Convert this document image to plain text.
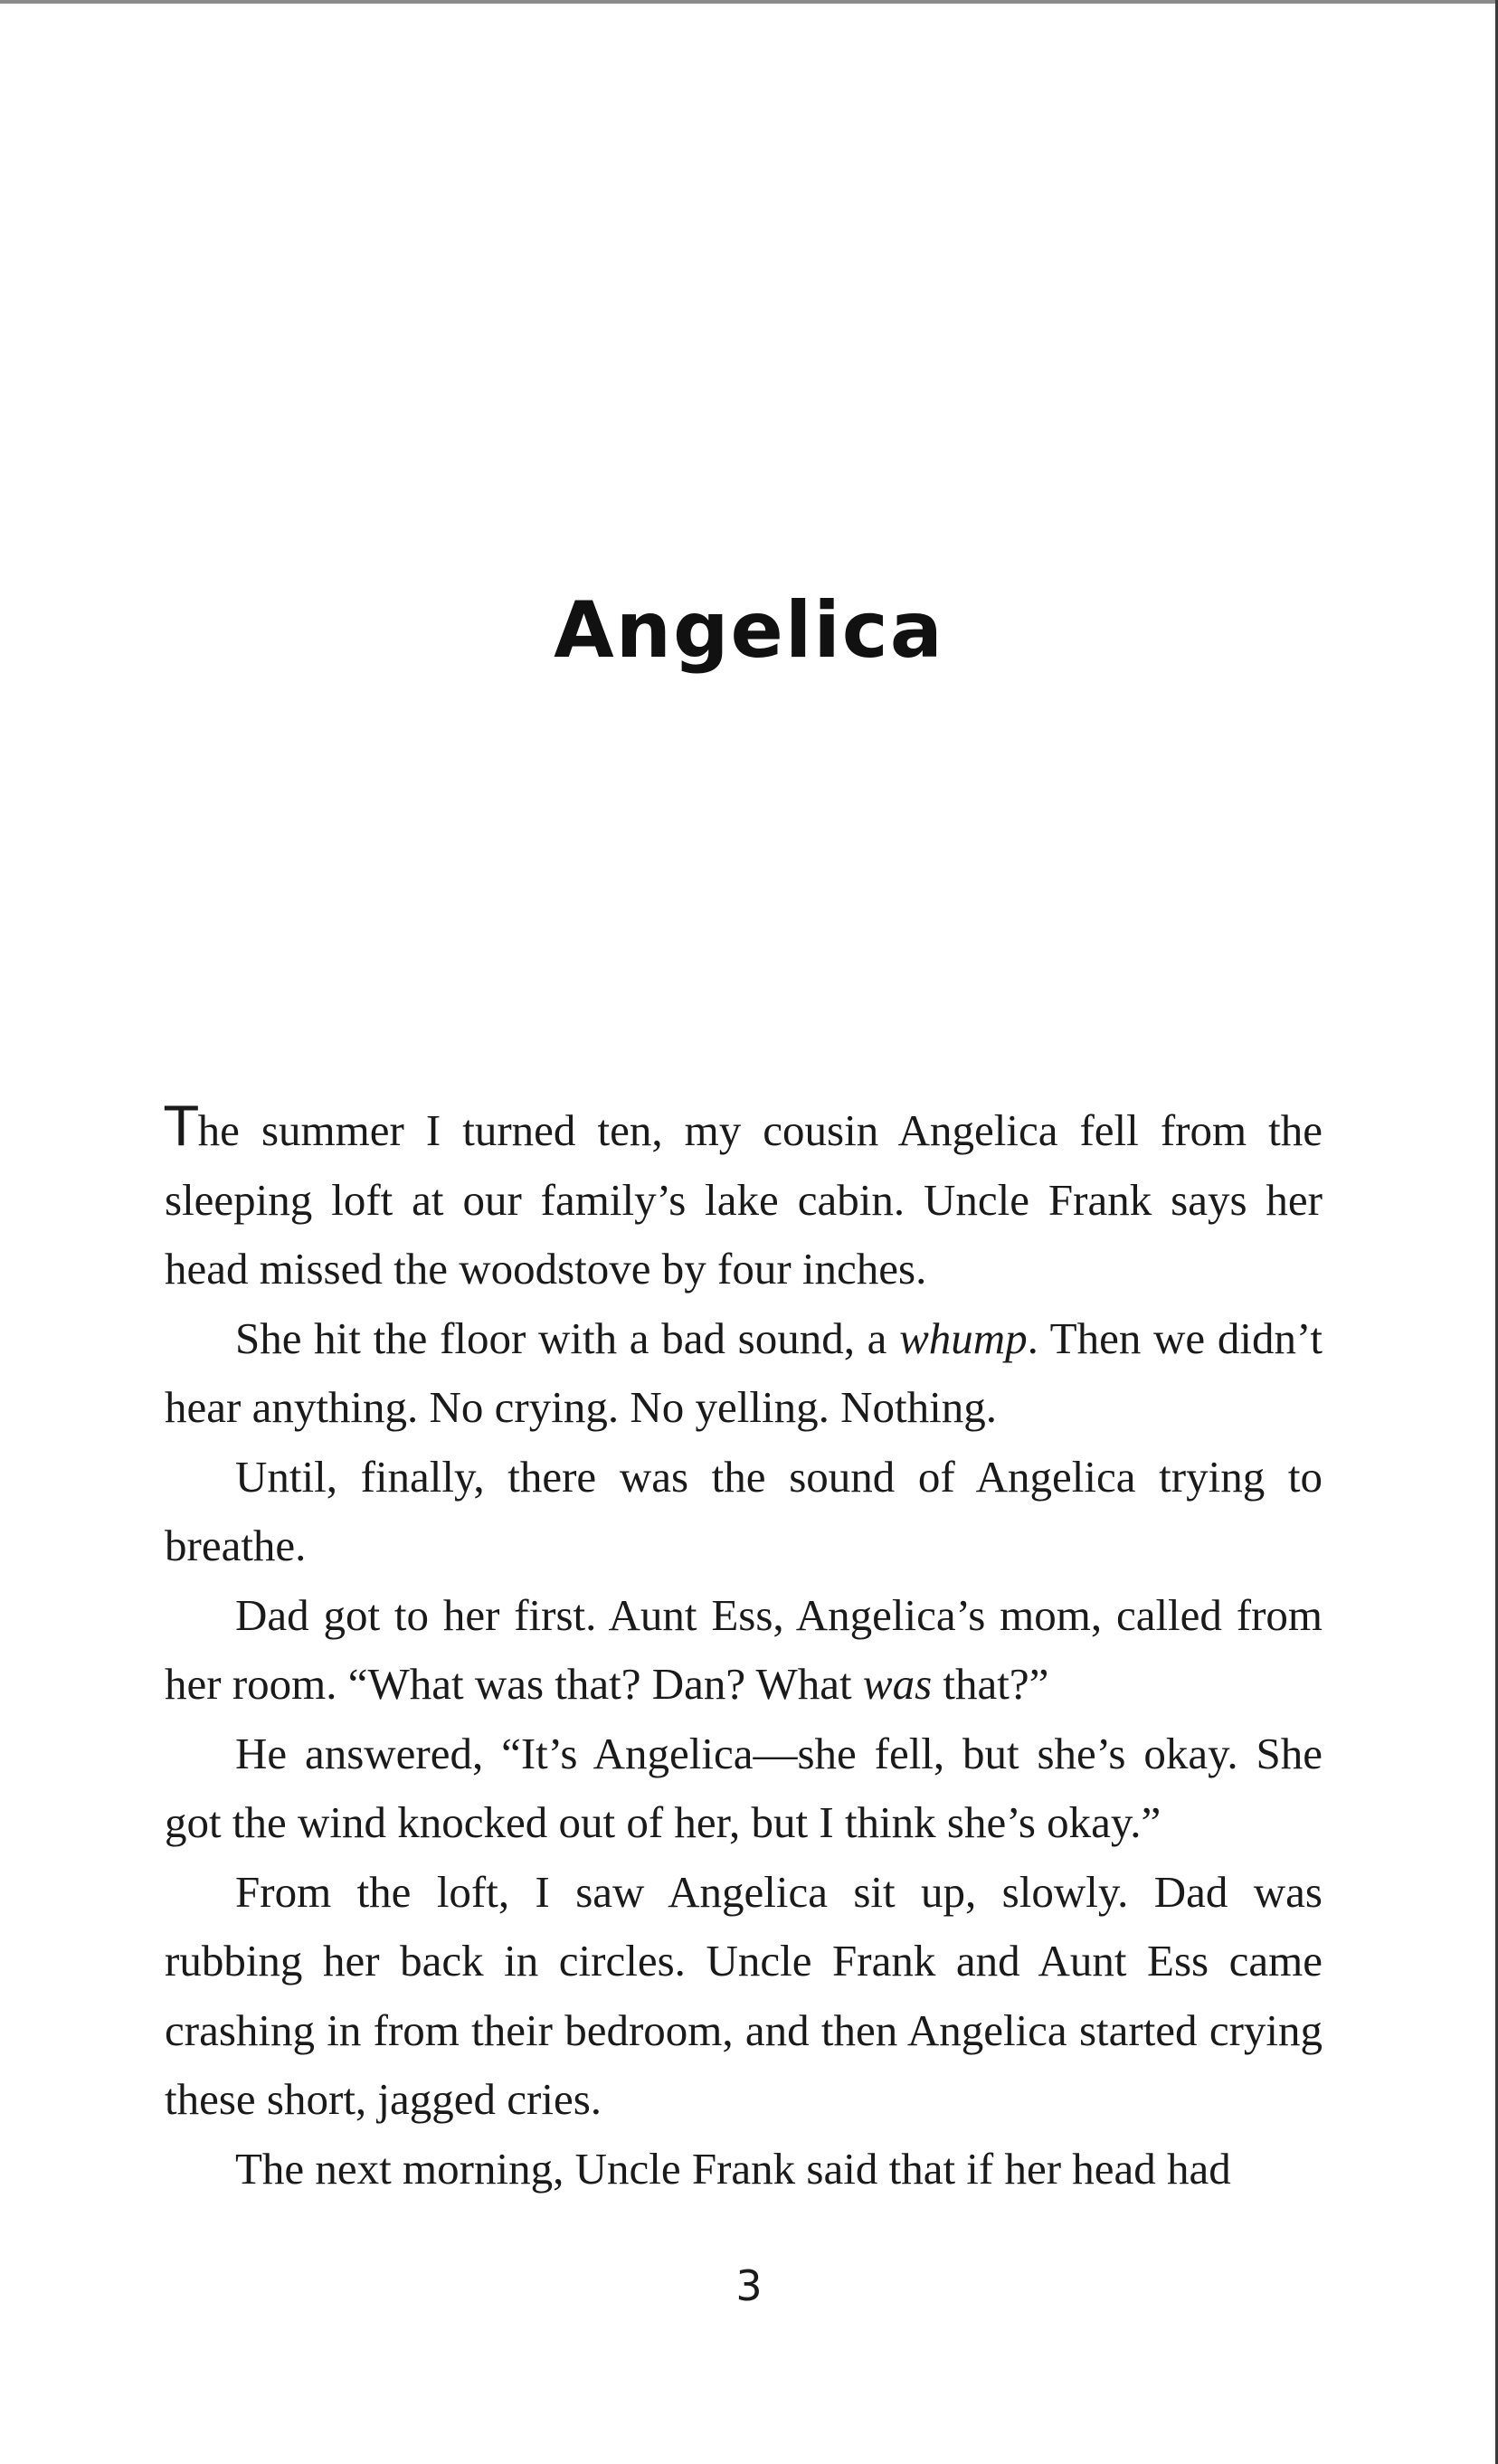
Angelica

The summer I turned ten, my cousin Angelica fell from the sleeping loft at our family’s lake cabin. Uncle Frank says her head missed the woodstove by four inches.

She hit the floor with a bad sound, a whump. Then we didn’t hear anything. No crying. No yelling. Nothing.

Until, finally, there was the sound of Angelica trying to breathe.

Dad got to her first. Aunt Ess, Angelica’s mom, called from her room. “What was that? Dan? What was that?”

He answered, “It’s Angelica—she fell, but she’s okay. She got the wind knocked out of her, but I think she’s okay.”

From the loft, I saw Angelica sit up, slowly. Dad was rubbing her back in circles. Uncle Frank and Aunt Ess came crashing in from their bedroom, and then Angelica started crying these short, jagged cries.

The next morning, Uncle Frank said that if her head had

3
